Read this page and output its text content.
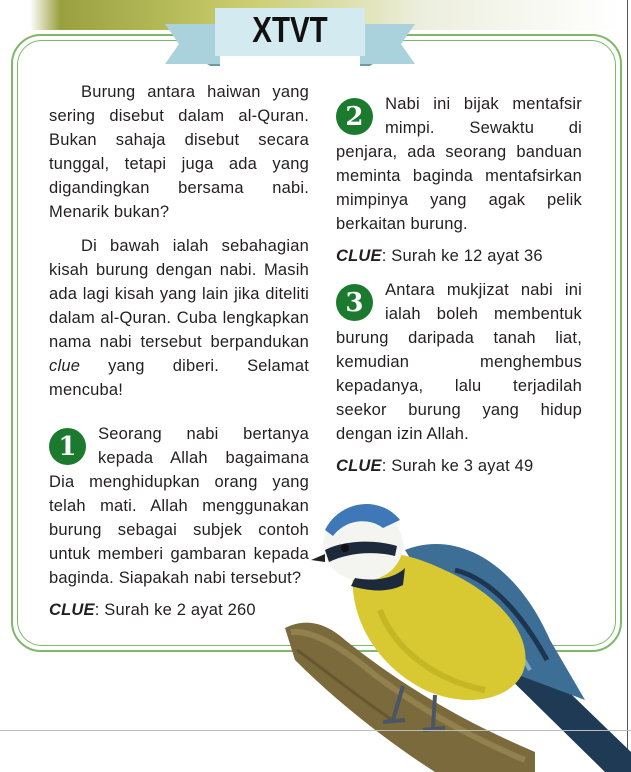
XTVT

Burung antara haiwan yang sering disebut dalam al-Quran. Bukan sahaja disebut secara tunggal, tetapi juga ada yang digandingkan bersama nabi. Menarik bukan?

Di bawah ialah sebahagian kisah burung dengan nabi. Masih ada lagi kisah yang lain jika diteliti dalam al-Quran. Cuba lengkapkan nama nabi tersebut berpandukan clue yang diberi. Selamat mencuba!

1	Seorang nabi bertanya kepada Allah bagaimana Dia menghidupkan orang yang telah mati. Allah menggunakan burung sebagai subjek contoh untuk memberi gambaran kepada baginda. Siapakah nabi tersebut?

CLUE: Surah ke 2 ayat 260

2	Nabi ini bijak mentafsir mimpi. Sewaktu di penjara, ada seorang banduan meminta baginda mentafsirkan mimpinya yang agak pelik berkaitan burung.

CLUE: Surah ke 12 ayat 36

3	Antara mukjizat nabi ini ialah boleh membentuk burung daripada tanah liat, kemudian menghembus kepadanya, lalu terjadilah seekor burung yang hidup dengan izin Allah.

CLUE: Surah ke 3 ayat 49
